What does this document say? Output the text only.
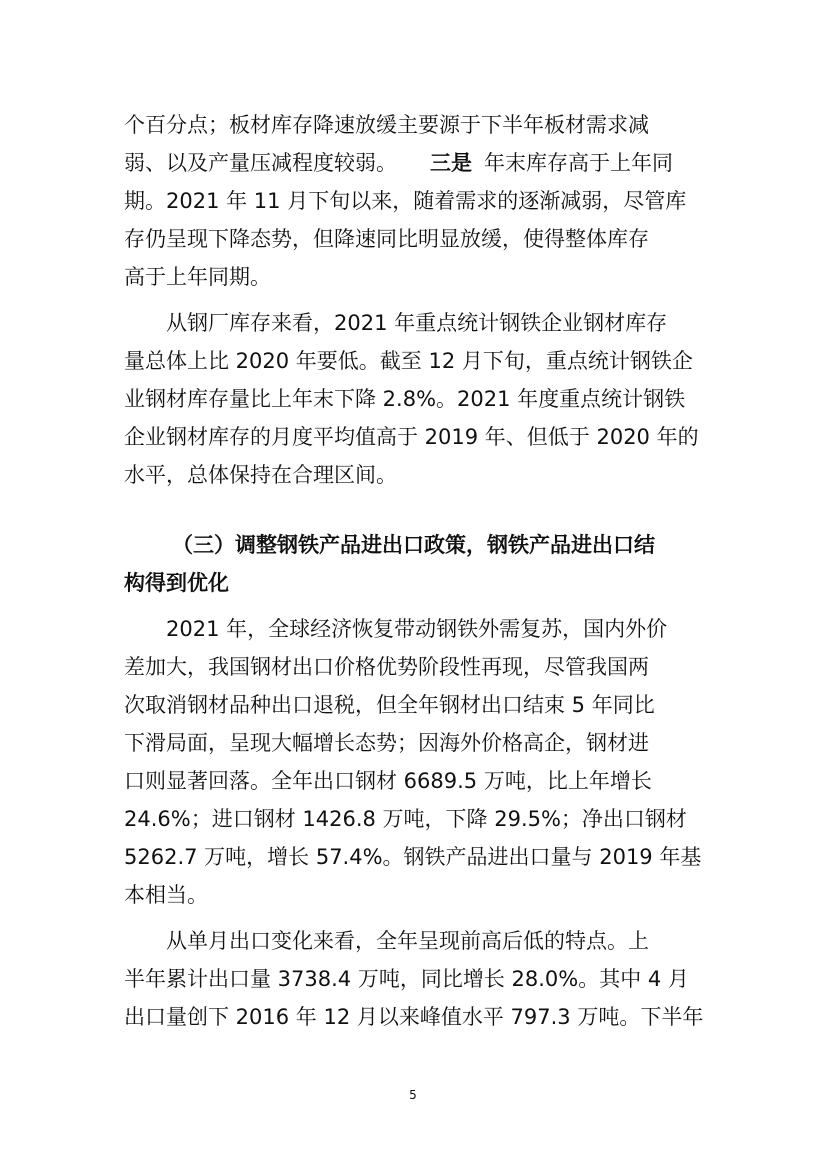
个百分点；板材库存降速放缓主要源于下半年板材需求减
弱、以及产量压减程度较弱。 三是 年末库存高于上年同
期。2021 年 11 月下旬以来，随着需求的逐渐减弱，尽管库
存仍呈现下降态势，但降速同比明显放缓，使得整体库存
高于上年同期。
从钢厂库存来看，2021 年重点统计钢铁企业钢材库存
量总体上比 2020 年要低。截至 12 月下旬，重点统计钢铁企
业钢材库存量比上年末下降 2.8%。2021 年度重点统计钢铁
企业钢材库存的月度平均值高于 2019 年、但低于 2020 年的
水平，总体保持在合理区间。
（三）调整钢铁产品进出口政策，钢铁产品进出口结
构得到优化
2021 年，全球经济恢复带动钢铁外需复苏，国内外价
差加大，我国钢材出口价格优势阶段性再现，尽管我国两
次取消钢材品种出口退税，但全年钢材出口结束 5 年同比
下滑局面，呈现大幅增长态势；因海外价格高企，钢材进
口则显著回落。全年出口钢材 6689.5 万吨，比上年增长
24.6%；进口钢材 1426.8 万吨，下降 29.5%；净出口钢材
5262.7 万吨，增长 57.4%。钢铁产品进出口量与 2019 年基
本相当。
从单月出口变化来看，全年呈现前高后低的特点。上
半年累计出口量 3738.4 万吨，同比增长 28.0%。其中 4 月
出口量创下 2016 年 12 月以来峰值水平 797.3 万吨。下半年
5
